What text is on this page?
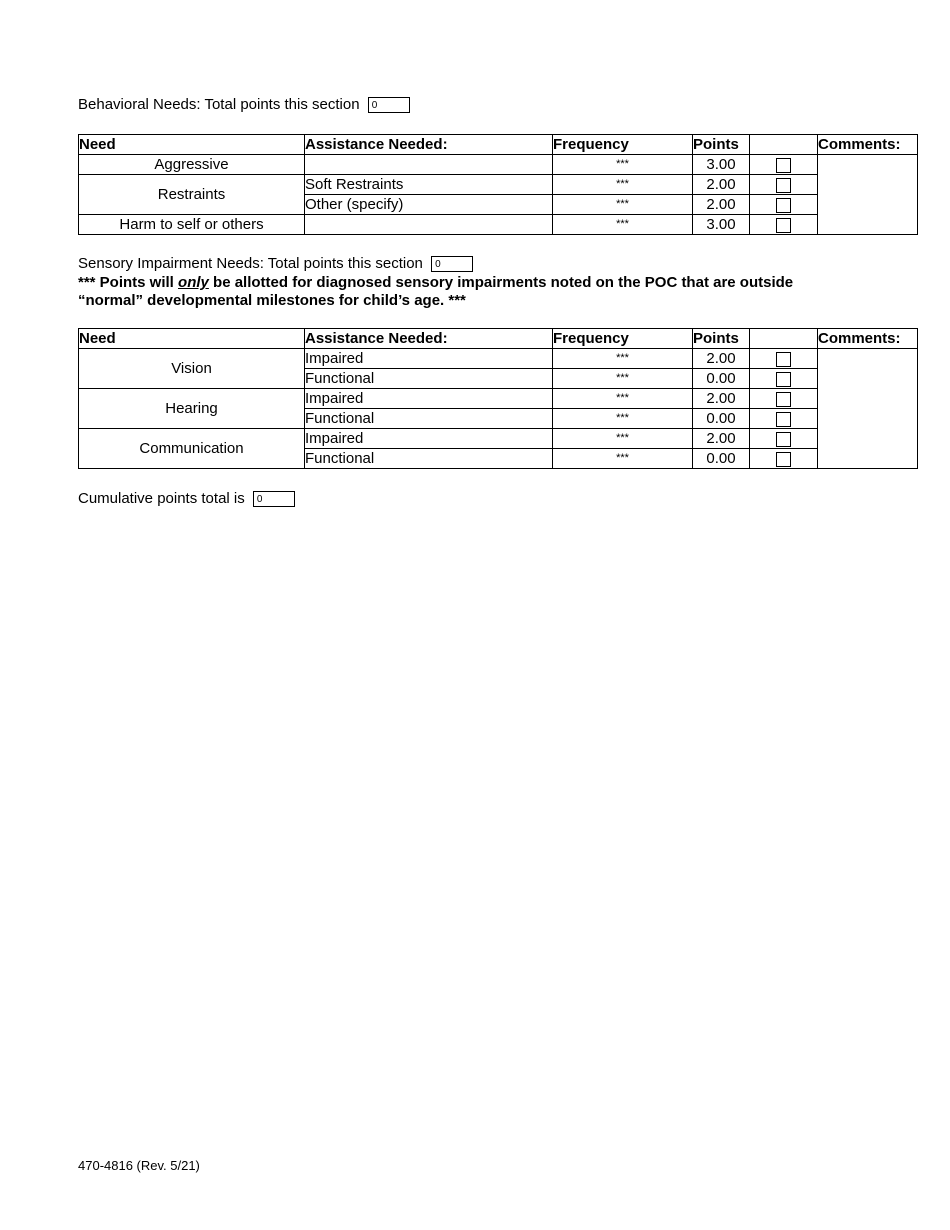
Behavioral Needs: Total points this section 0
Need	Assistance Needed:	Frequency	Points		Comments:
Aggressive		***	3.00		
Restraints	Soft Restraints	***	2.00		
	Other (specify)	***	2.00		
Harm to self or others		***	3.00		
Sensory Impairment Needs: Total points this section 0
*** Points will only be allotted for diagnosed sensory impairments noted on the POC that are outside
“normal” developmental milestones for child’s age. ***
Need	Assistance Needed:	Frequency	Points		Comments:
Vision	Impaired	***	2.00		
	Functional	***	0.00		
Hearing	Impaired	***	2.00		
	Functional	***	0.00		
Communication	Impaired	***	2.00		
	Functional	***	0.00		
Cumulative points total is 0
470-4816 (Rev. 5/21)
